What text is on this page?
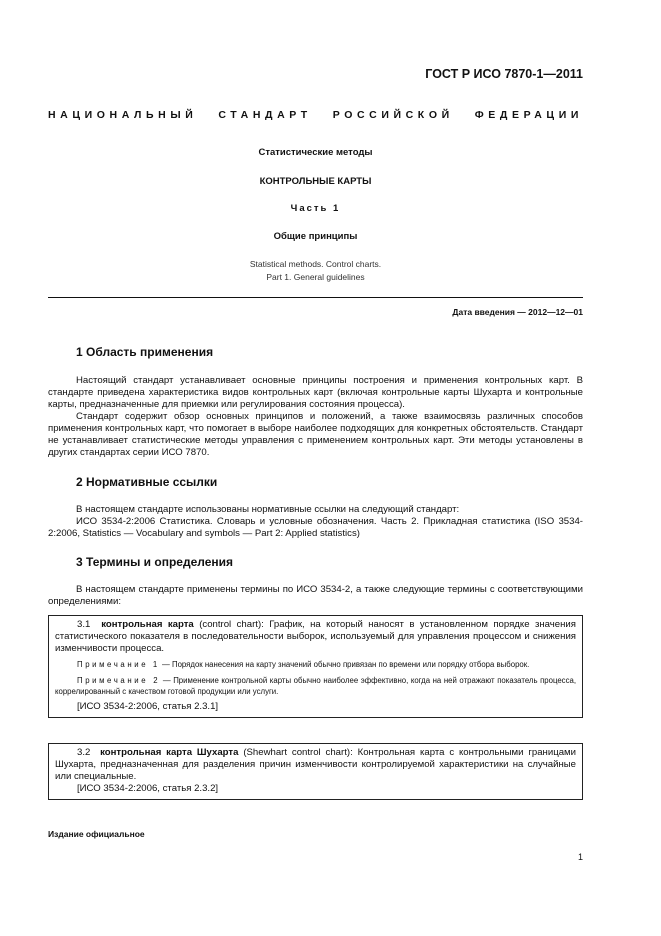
ГОСТ Р ИСО 7870-1—2011
НАЦИОНАЛЬНЫЙ СТАНДАРТ РОССИЙСКОЙ ФЕДЕРАЦИИ
Статистические методы
КОНТРОЛЬНЫЕ КАРТЫ
Часть 1
Общие принципы
Statistical methods. Control charts.
Part 1. General guidelines
Дата введения — 2012—12—01
1 Область применения

Настоящий стандарт устанавливает основные принципы построения и применения контрольных карт. В стандарте приведена характеристика видов контрольных карт (включая контрольные карты Шухарта и контрольные карты, предназначенные для приемки или регулирования состояния процесса).

Стандарт содержит обзор основных принципов и положений, а также взаимосвязь различных способов применения контрольных карт, что помогает в выборе наиболее подходящих для конкретных обстоятельств. Стандарт не устанавливает статистические методы управления с применением контрольных карт. Эти методы установлены в других стандартах серии ИСО 7870.

2 Нормативные ссылки

В настоящем стандарте использованы нормативные ссылки на следующий стандарт:

ИСО 3534-2:2006 Статистика. Словарь и условные обозначения. Часть 2. Прикладная статистика (ISO 3534-2:2006, Statistics — Vocabulary and symbols — Part 2: Applied statistics)

3 Термины и определения

В настоящем стандарте применены термины по ИСО 3534-2, а также следующие термины с соответствующими определениями:

3.1 контрольная карта (control chart): График, на который наносят в установленном порядке значения статистического показателя в последовательности выборок, используемый для управления процессом и снижения изменчивости процесса.

Примечание 1 — Порядок нанесения на карту значений обычно привязан по времени или порядку отбора выборок.

Примечание 2 — Применение контрольной карты обычно наиболее эффективно, когда на ней отражают показатель процесса, коррелированный с качеством готовой продукции или услуги.

[ИСО 3534-2:2006, статья 2.3.1]

3.2 контрольная карта Шухарта (Shewhart control chart): Контрольная карта с контрольными границами Шухарта, предназначенная для разделения причин изменчивости контролируемой характеристики на случайные или специальные.

[ИСО 3534-2:2006, статья 2.3.2]

Издание официальное
1
